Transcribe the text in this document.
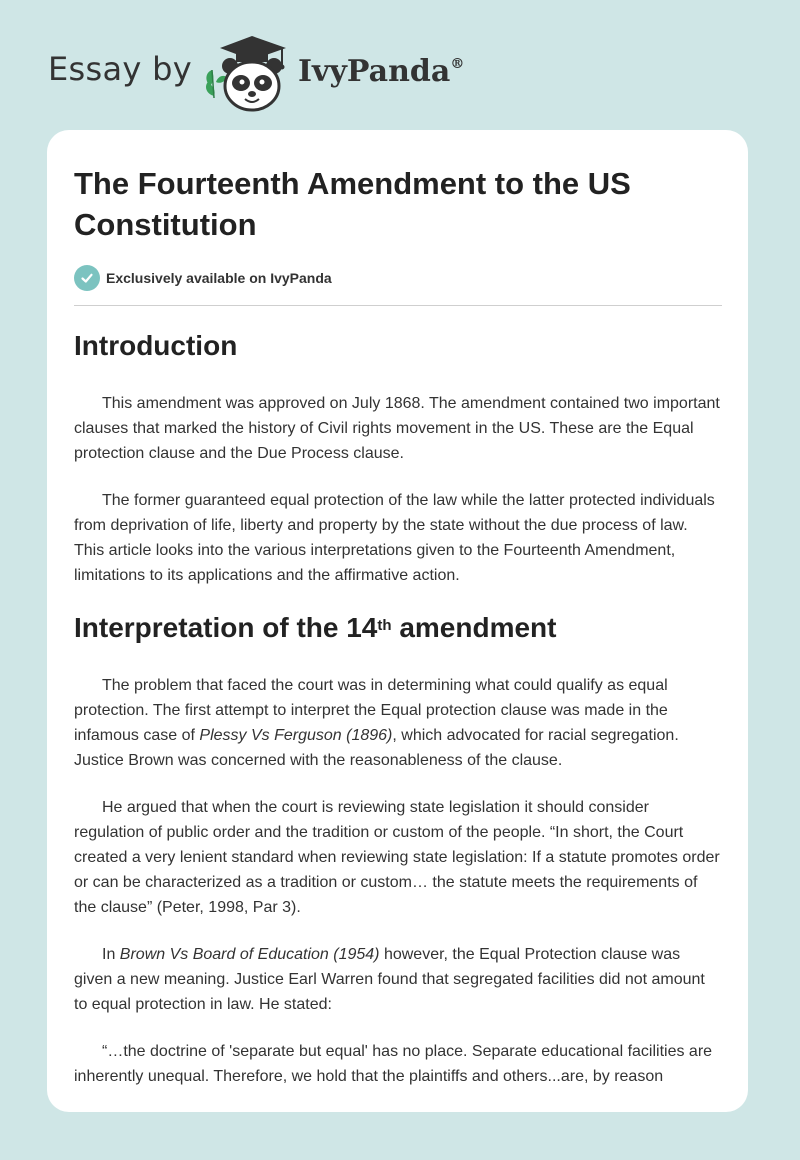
Essay by	IvyPanda®
The Fourteenth Amendment to the US Constitution
Exclusively available on IvyPanda
Introduction

This amendment was approved on July 1868. The amendment contained two important clauses that marked the history of Civil rights movement in the US. These are the Equal protection clause and the Due Process clause.

The former guaranteed equal protection of the law while the latter protected individuals from deprivation of life, liberty and property by the state without the due process of law. This article looks into the various interpretations given to the Fourteenth Amendment, limitations to its applications and the affirmative action.

Interpretation of the 14th amendment

The problem that faced the court was in determining what could qualify as equal protection. The first attempt to interpret the Equal protection clause was made in the infamous case of Plessy Vs Ferguson (1896), which advocated for racial segregation. Justice Brown was concerned with the reasonableness of the clause.

He argued that when the court is reviewing state legislation it should consider regulation of public order and the tradition or custom of the people. “In short, the Court created a very lenient standard when reviewing state legislation: If a statute promotes order or can be characterized as a tradition or custom… the statute meets the requirements of the clause” (Peter, 1998, Par 3).

In Brown Vs Board of Education (1954) however, the Equal Protection clause was given a new meaning. Justice Earl Warren found that segregated facilities did not amount to equal protection in law. He stated:

“…the doctrine of 'separate but equal' has no place. Separate educational facilities are inherently unequal. Therefore, we hold that the plaintiffs and others...are, by reason
